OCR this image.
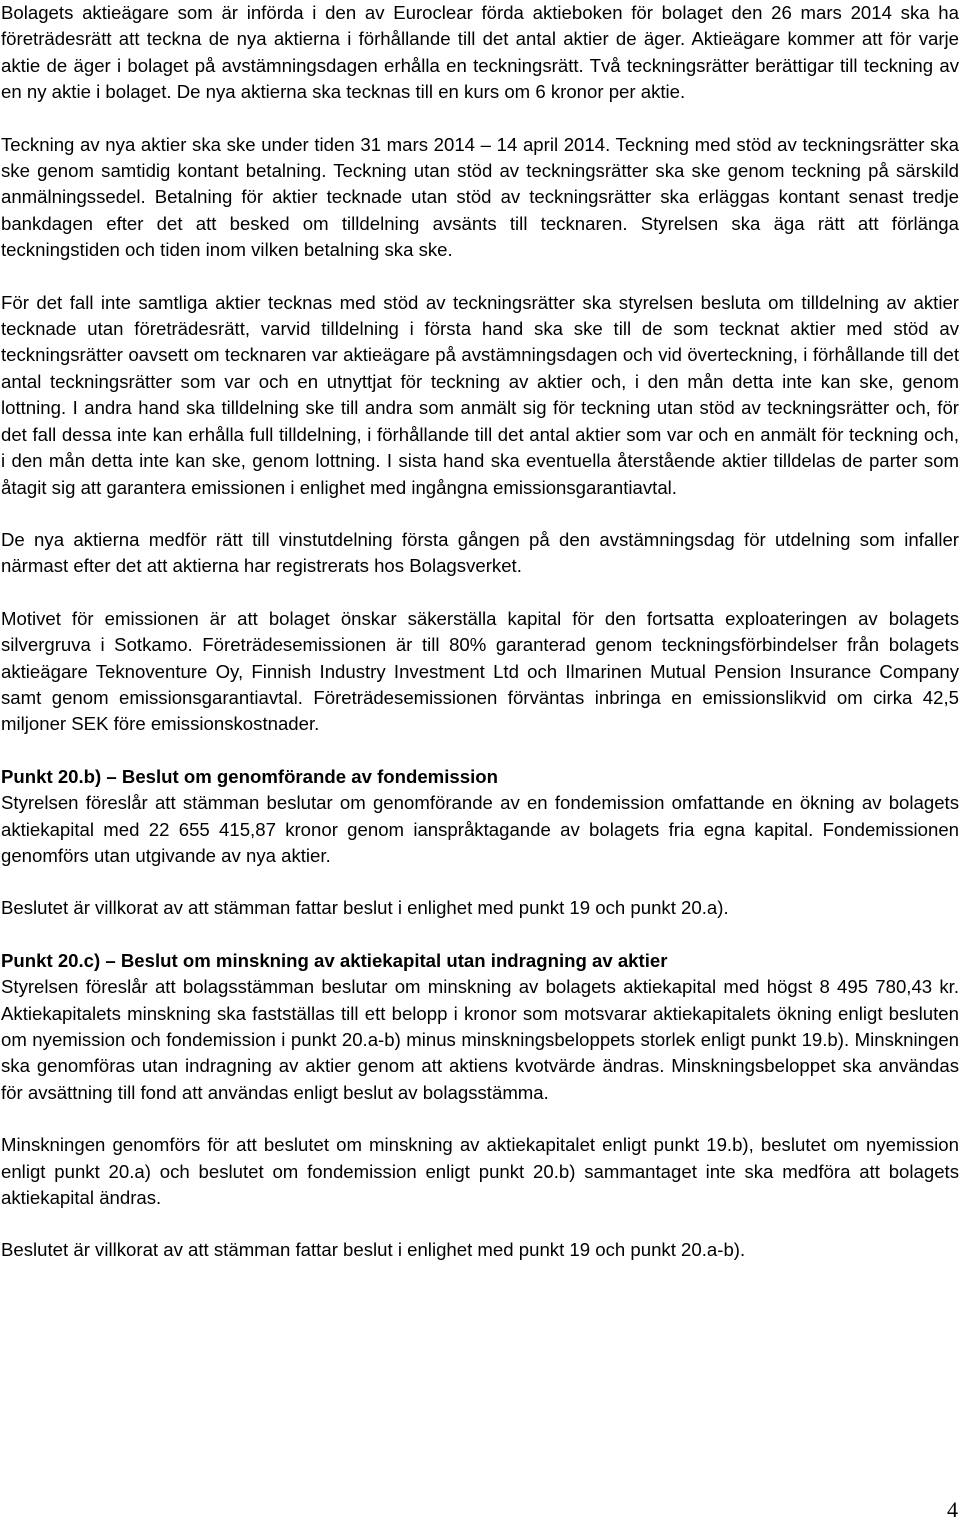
Bolagets aktieägare som är införda i den av Euroclear förda aktieboken för bolaget den 26 mars 2014 ska ha företrädesrätt att teckna de nya aktierna i förhållande till det antal aktier de äger. Aktieägare kommer att för varje aktie de äger i bolaget på avstämningsdagen erhålla en teckningsrätt. Två teckningsrätter berättigar till teckning av en ny aktie i bolaget. De nya aktierna ska tecknas till en kurs om 6 kronor per aktie.

Teckning av nya aktier ska ske under tiden 31 mars 2014 – 14 april 2014. Teckning med stöd av teckningsrätter ska ske genom samtidig kontant betalning. Teckning utan stöd av teckningsrätter ska ske genom teckning på särskild anmälningssedel. Betalning för aktier tecknade utan stöd av teckningsrätter ska erläggas kontant senast tredje bankdagen efter det att besked om tilldelning avsänts till tecknaren. Styrelsen ska äga rätt att förlänga teckningstiden och tiden inom vilken betalning ska ske.

För det fall inte samtliga aktier tecknas med stöd av teckningsrätter ska styrelsen besluta om tilldelning av aktier tecknade utan företrädesrätt, varvid tilldelning i första hand ska ske till de som tecknat aktier med stöd av teckningsrätter oavsett om tecknaren var aktieägare på avstämningsdagen och vid överteckning, i förhållande till det antal teckningsrätter som var och en utnyttjat för teckning av aktier och, i den mån detta inte kan ske, genom lottning. I andra hand ska tilldelning ske till andra som anmält sig för teckning utan stöd av teckningsrätter och, för det fall dessa inte kan erhålla full tilldelning, i förhållande till det antal aktier som var och en anmält för teckning och, i den mån detta inte kan ske, genom lottning. I sista hand ska eventuella återstående aktier tilldelas de parter som åtagit sig att garantera emissionen i enlighet med ingångna emissionsgarantiavtal.

De nya aktierna medför rätt till vinstutdelning första gången på den avstämningsdag för utdelning som infaller närmast efter det att aktierna har registrerats hos Bolagsverket.

Motivet för emissionen är att bolaget önskar säkerställa kapital för den fortsatta exploateringen av bolagets silvergruva i Sotkamo. Företrädesemissionen är till 80% garanterad genom teckningsförbindelser från bolagets aktieägare Teknoventure Oy, Finnish Industry Investment Ltd och Ilmarinen Mutual Pension Insurance Company samt genom emissionsgarantiavtal. Företrädesemissionen förväntas inbringa en emissionslikvid om cirka 42,5 miljoner SEK före emissionskostnader.

Punkt 20.b) – Beslut om genomförande av fondemission

Styrelsen föreslår att stämman beslutar om genomförande av en fondemission omfattande en ökning av bolagets aktiekapital med 22 655 415,87 kronor genom ianspråktagande av bolagets fria egna kapital. Fondemissionen genomförs utan utgivande av nya aktier.

Beslutet är villkorat av att stämman fattar beslut i enlighet med punkt 19 och punkt 20.a).

Punkt 20.c) – Beslut om minskning av aktiekapital utan indragning av aktier

Styrelsen föreslår att bolagsstämman beslutar om minskning av bolagets aktiekapital med högst 8 495 780,43 kr. Aktiekapitalets minskning ska fastställas till ett belopp i kronor som motsvarar aktiekapitalets ökning enligt besluten om nyemission och fondemission i punkt 20.a-b) minus minskningsbeloppets storlek enligt punkt 19.b). Minskningen ska genomföras utan indragning av aktier genom att aktiens kvotvärde ändras. Minskningsbeloppet ska användas för avsättning till fond att användas enligt beslut av bolagsstämma.

Minskningen genomförs för att beslutet om minskning av aktiekapitalet enligt punkt 19.b), beslutet om nyemission enligt punkt 20.a) och beslutet om fondemission enligt punkt 20.b) sammantaget inte ska medföra att bolagets aktiekapital ändras.

Beslutet är villkorat av att stämman fattar beslut i enlighet med punkt 19 och punkt 20.a-b).

4
